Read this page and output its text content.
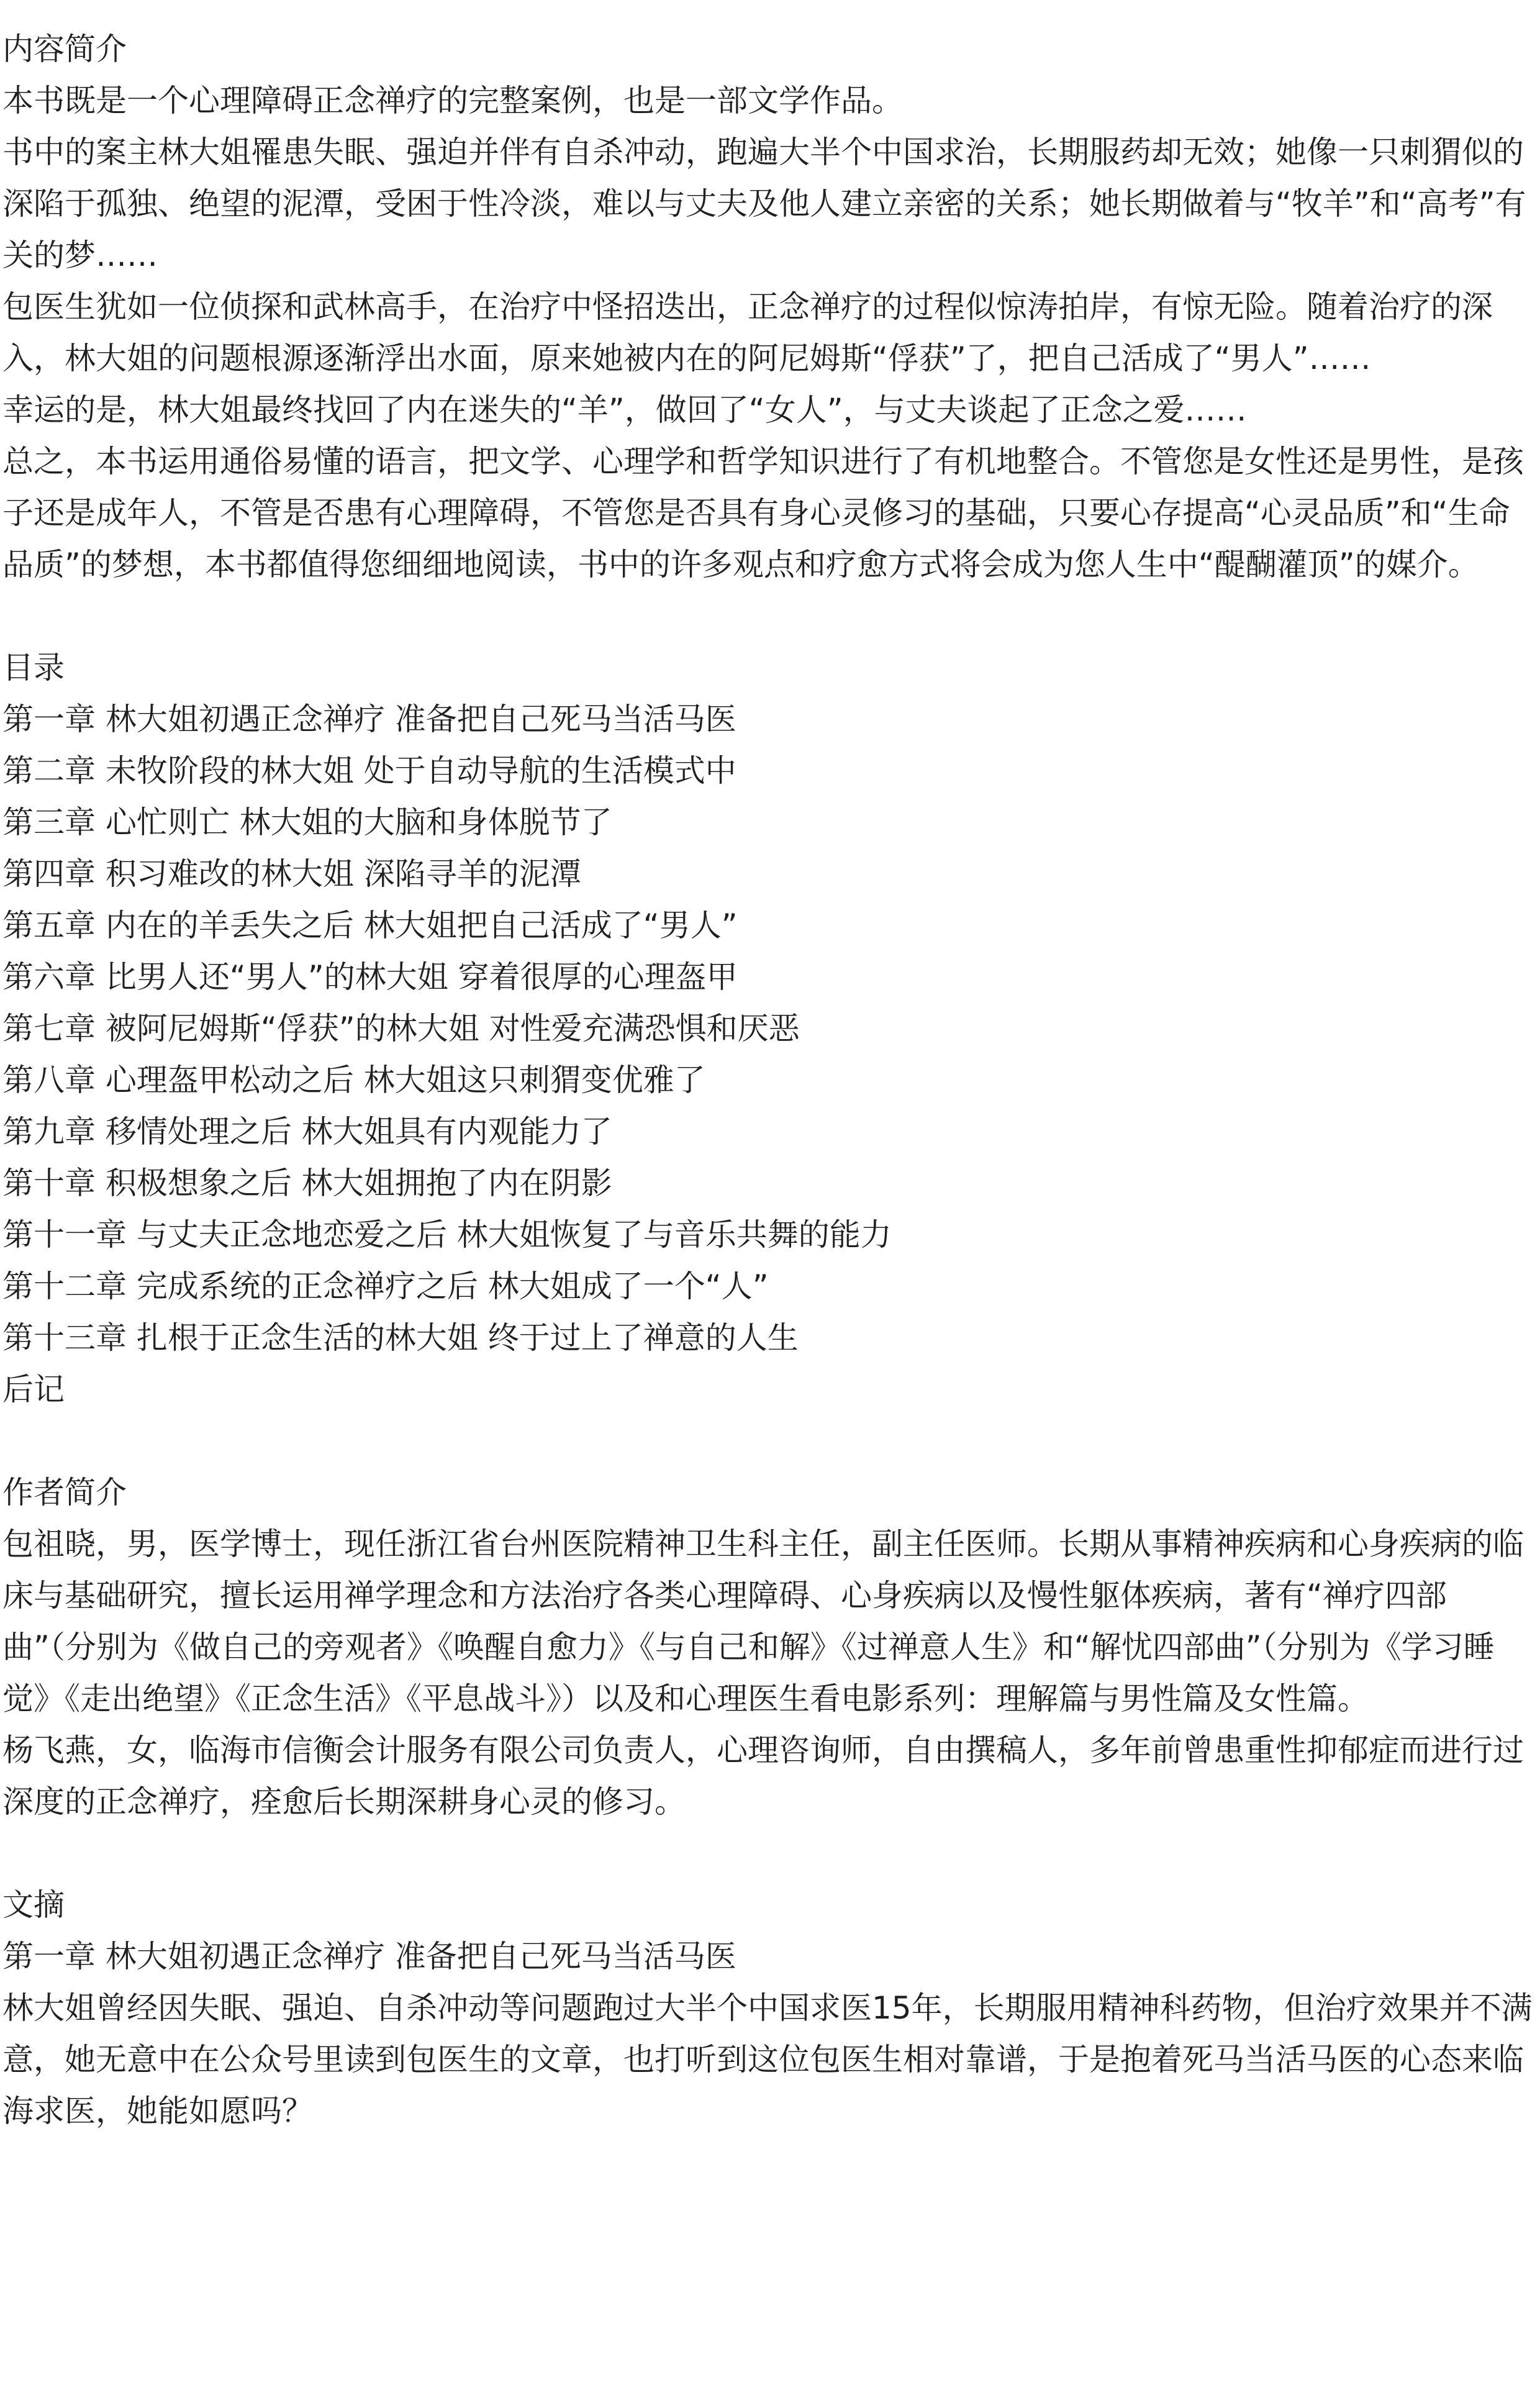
内容简介

本书既是一个心理障碍正念禅疗的完整案例，也是一部文学作品。

书中的案主林大姐罹患失眠、强迫并伴有自杀冲动，跑遍大半个中国求治，长期服药却无效；她像一只刺猬似的深陷于孤独、绝望的泥潭，受困于性冷淡，难以与丈夫及他人建立亲密的关系；她长期做着与“牧羊”和“高考”有关的梦……

包医生犹如一位侦探和武林高手，在治疗中怪招迭出，正念禅疗的过程似惊涛拍岸，有惊无险。随着治疗的深入，林大姐的问题根源逐渐浮出水面，原来她被内在的阿尼姆斯“俘获”了，把自己活成了“男人”……

幸运的是，林大姐最终找回了内在迷失的“羊”，做回了“女人”，与丈夫谈起了正念之爱……

总之，本书运用通俗易懂的语言，把文学、心理学和哲学知识进行了有机地整合。不管您是女性还是男性，是孩子还是成年人，不管是否患有心理障碍，不管您是否具有身心灵修习的基础，只要心存提高“心灵品质”和“生命品质”的梦想，本书都值得您细细地阅读，书中的许多观点和疗愈方式将会成为您人生中“醍醐灌顶”的媒介。

目录

第一章 林大姐初遇正念禅疗 准备把自己死马当活马医
第二章 未牧阶段的林大姐 处于自动导航的生活模式中
第三章 心忙则亡 林大姐的大脑和身体脱节了
第四章 积习难改的林大姐 深陷寻羊的泥潭
第五章 内在的羊丢失之后 林大姐把自己活成了“男人”
第六章 比男人还“男人”的林大姐 穿着很厚的心理盔甲
第七章 被阿尼姆斯“俘获”的林大姐 对性爱充满恐惧和厌恶
第八章 心理盔甲松动之后 林大姐这只刺猬变优雅了
第九章 移情处理之后 林大姐具有内观能力了
第十章 积极想象之后 林大姐拥抱了内在阴影
第十一章 与丈夫正念地恋爱之后 林大姐恢复了与音乐共舞的能力
第十二章 完成系统的正念禅疗之后 林大姐成了一个“人”
第十三章 扎根于正念生活的林大姐 终于过上了禅意的人生
后记

作者简介

包祖晓，男，医学博士，现任浙江省台州医院精神卫生科主任，副主任医师。长期从事精神疾病和心身疾病的临床与基础研究，擅长运用禅学理念和方法治疗各类心理障碍、心身疾病以及慢性躯体疾病，著有“禅疗四部曲”（分别为《做自己的旁观者》《唤醒自愈力》《与自己和解》《过禅意人生》和“解忧四部曲”（分别为《学习睡觉》《走出绝望》《正念生活》《平息战斗》）以及和心理医生看电影系列：理解篇与男性篇及女性篇。

杨飞燕，女，临海市信衡会计服务有限公司负责人，心理咨询师，自由撰稿人，多年前曾患重性抑郁症而进行过深度的正念禅疗，痊愈后长期深耕身心灵的修习。

文摘

第一章 林大姐初遇正念禅疗 准备把自己死马当活马医

林大姐曾经因失眠、强迫、自杀冲动等问题跑过大半个中国求医15年，长期服用精神科药物，但治疗效果并不满意，她无意中在公众号里读到包医生的文章，也打听到这位包医生相对靠谱，于是抱着死马当活马医的心态来临海求医，她能如愿吗？
